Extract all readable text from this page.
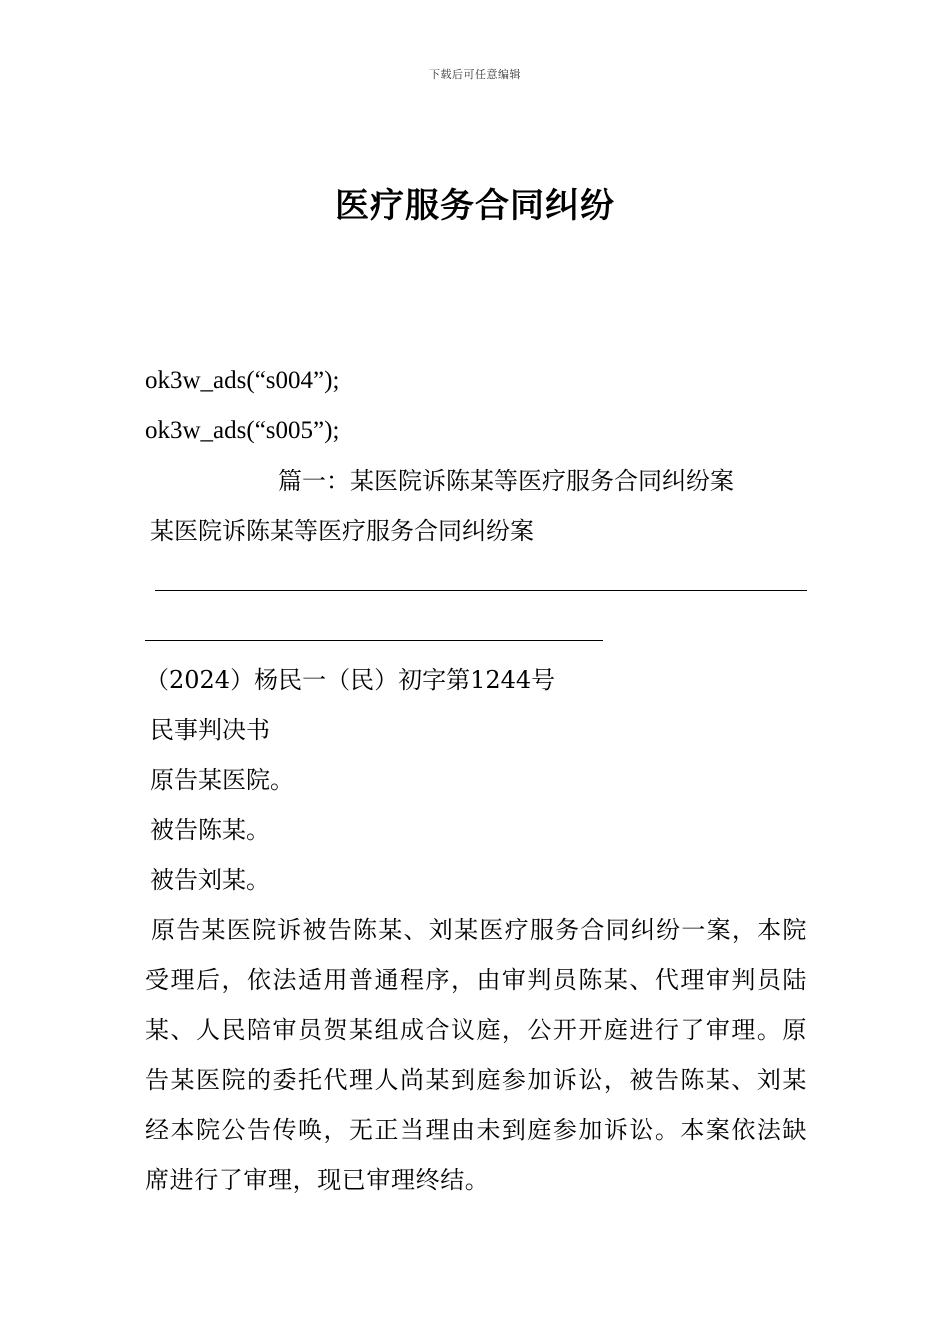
下载后可任意编辑
医疗服务合同纠纷
ok3w_ads(“s004”);
ok3w_ads(“s005”);
篇一：某医院诉陈某等医疗服务合同纠纷案
某医院诉陈某等医疗服务合同纠纷案
（2024）杨民一（民）初字第1244号
民事判决书
原告某医院。
被告陈某。
被告刘某。
原告某医院诉被告陈某、刘某医疗服务合同纠纷一案，本院受理后，依法适用普通程序，由审判员陈某、代理审判员陆某、人民陪审员贺某组成合议庭，公开开庭进行了审理。原告某医院的委托代理人尚某到庭参加诉讼，被告陈某、刘某经本院公告传唤，无正当理由未到庭参加诉讼。本案依法缺席进行了审理，现已审理终结。
